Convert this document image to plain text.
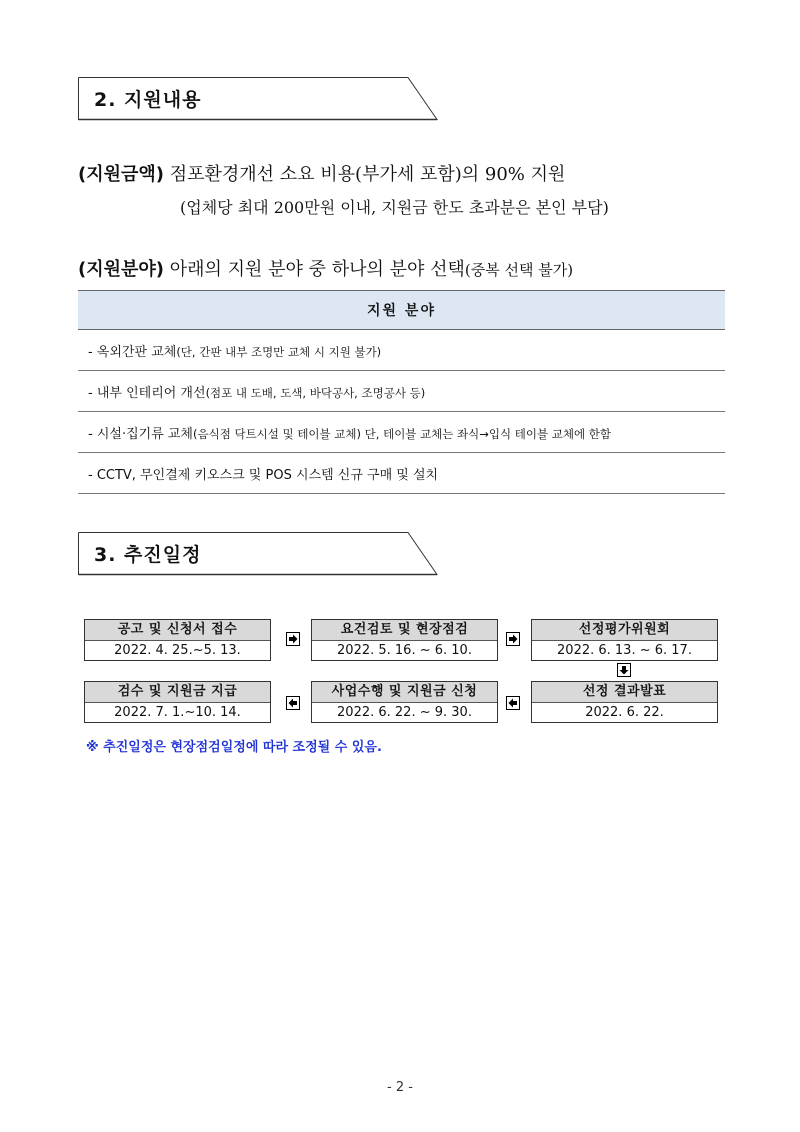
2. 지원내용
(지원금액) 점포환경개선 소요 비용(부가세 포함)의 90% 지원
(업체당 최대 200만원 이내, 지원금 한도 초과분은 본인 부담)
(지원분야) 아래의 지원 분야 중 하나의 분야 선택(중복 선택 불가)
지원 분야
- 옥외간판 교체(단, 간판 내부 조명만 교체 시 지원 불가)
- 내부 인테리어 개선(점포 내 도배, 도색, 바닥공사, 조명공사 등)
- 시설·집기류 교체(음식점 닥트시설 및 테이블 교체) 단, 테이블 교체는 좌식→입식 테이블 교체에 한함
- CCTV, 무인결제 키오스크 및 POS 시스템 신규 구매 및 설치
3. 추진일정
공고 및 신청서 접수
2022. 4. 25.~5. 13.
요건검토 및 현장점검
2022. 5. 16. ~ 6. 10.
선정평가위원회
2022. 6. 13. ~ 6. 17.
검수 및 지원금 지급
2022. 7. 1.~10. 14.
사업수행 및 지원금 신청
2022. 6. 22. ~ 9. 30.
선정 결과발표
2022. 6. 22.
※ 추진일정은 현장점검일정에 따라 조정될 수 있음.
- 2 -
